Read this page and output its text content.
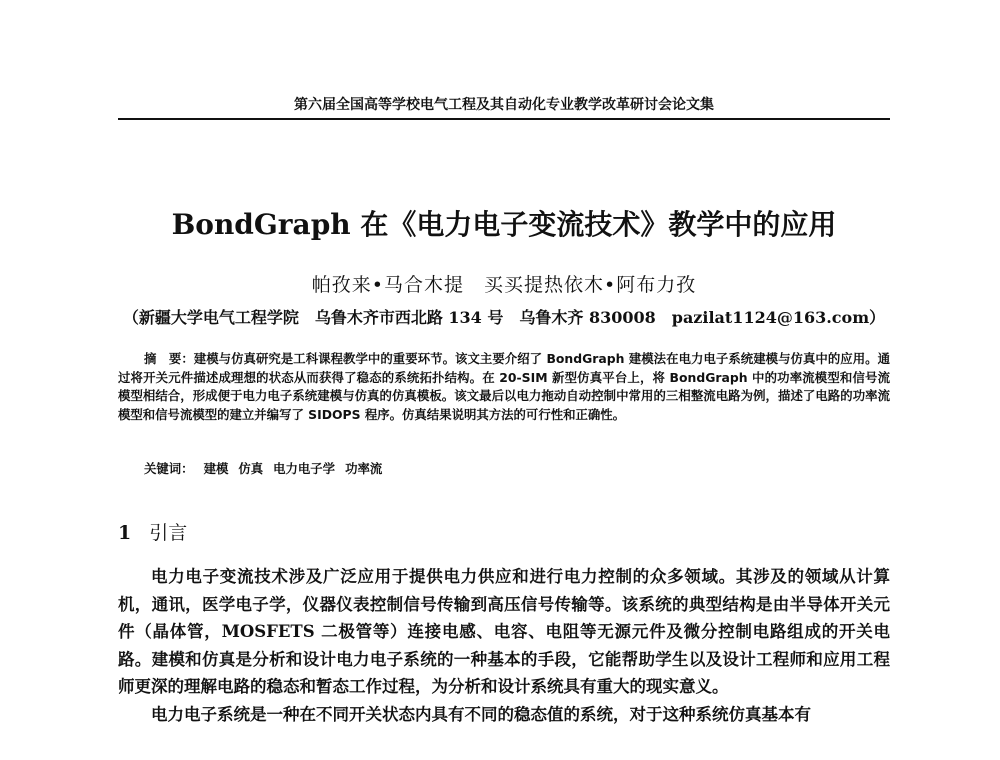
第六届全国高等学校电气工程及其自动化专业教学改革研讨会论文集
BondGraph 在《电力电子变流技术》教学中的应用
帕孜来•马合木提　买买提热依木•阿布力孜
（新疆大学电气工程学院　乌鲁木齐市西北路 134 号　乌鲁木齐 830008　pazilat1124@163.com）
摘　要：建模与仿真研究是工科课程教学中的重要环节。该文主要介绍了 BondGraph 建模法在电力电子系统建模与仿真中的应用。通过将开关元件描述成理想的状态从而获得了稳态的系统拓扑结构。在 20-SIM 新型仿真平台上，将 BondGraph 中的功率流模型和信号流模型相结合，形成便于电力电子系统建模与仿真的仿真模板。该文最后以电力拖动自动控制中常用的三相整流电路为例，描述了电路的功率流模型和信号流模型的建立并编写了 SIDOPS 程序。仿真结果说明其方法的可行性和正确性。
关键词： 建模 仿真 电力电子学 功率流
1 引言

电力电子变流技术涉及广泛应用于提供电力供应和进行电力控制的众多领域。其涉及的领域从计算机，通讯，医学电子学，仪器仪表控制信号传输到高压信号传输等。该系统的典型结构是由半导体开关元件（晶体管，MOSFETS 二极管等）连接电感、电容、电阻等无源元件及微分控制电路组成的开关电路。建模和仿真是分析和设计电力电子系统的一种基本的手段，它能帮助学生以及设计工程师和应用工程师更深的理解电路的稳态和暂态工作过程，为分析和设计系统具有重大的现实意义。

电力电子系统是一种在不同开关状态内具有不同的稳态值的系统，对于这种系统仿真基本有
